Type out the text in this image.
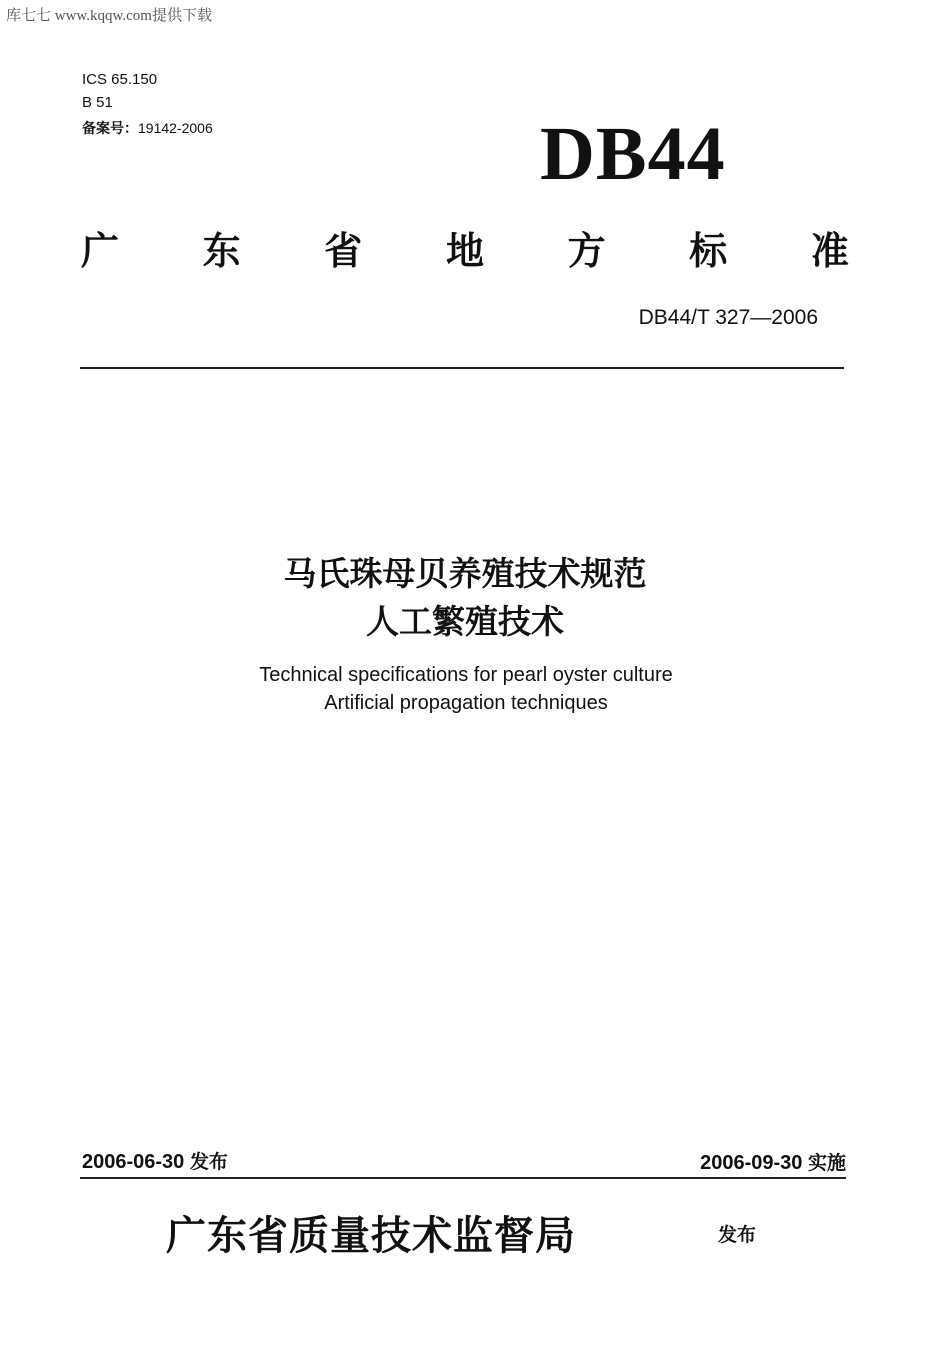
库七七 www.kqqw.com提供下载
ICS 65.150
B 51
备案号：19142-2006	DB44
广 东 省 地 方 标 准
DB44/T 327—2006
马氏珠母贝养殖技术规范
人工繁殖技术
Technical specifications for pearl oyster culture
Artificial propagation techniques
2006-06-30 发布	2006-09-30 实施
广东省质量技术监督局	发布
